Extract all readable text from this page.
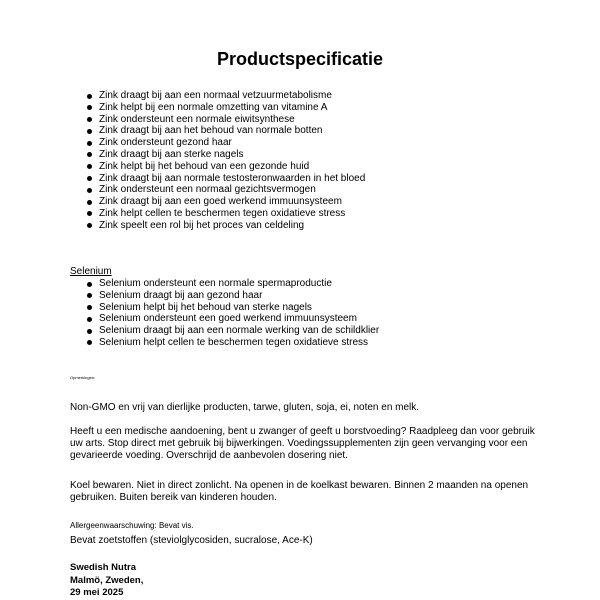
Productspecificatie
Zink draagt bij aan een normaal vetzuurmetabolisme
Zink helpt bij een normale omzetting van vitamine A
Zink ondersteunt een normale eiwitsynthese
Zink draagt bij aan het behoud van normale botten
Zink ondersteunt gezond haar
Zink draagt bij aan sterke nagels
Zink helpt bij het behoud van een gezonde huid
Zink draagt bij aan normale testosteronwaarden in het bloed
Zink ondersteunt een normaal gezichtsvermogen
Zink draagt bij aan een goed werkend immuunsysteem
Zink helpt cellen te beschermen tegen oxidatieve stress
Zink speelt een rol bij het proces van celdeling
Selenium
Selenium ondersteunt een normale spermaproductie
Selenium draagt bij aan gezond haar
Selenium helpt bij het behoud van sterke nagels
Selenium ondersteunt een goed werkend immuunsysteem
Selenium draagt bij aan een normale werking van de schildklier
Selenium helpt cellen te beschermen tegen oxidatieve stress
Opmerkingen:

Non-GMO en vrij van dierlijke producten, tarwe, gluten, soja, ei, noten en melk.

Heeft u een medische aandoening, bent u zwanger of geeft u borstvoeding? Raadpleeg dan voor gebruik uw arts. Stop direct met gebruik bij bijwerkingen. Voedingssupplementen zijn geen vervanging voor een gevarieerde voeding. Overschrijd de aanbevolen dosering niet.

Koel bewaren. Niet in direct zonlicht. Na openen in de koelkast bewaren. Binnen 2 maanden na openen gebruiken. Buiten bereik van kinderen houden.

Allergeenwaarschuwing: Bevat vis.
Bevat zoetstoffen (steviolglycosiden, sucralose, Ace-K)
Swedish Nutra
Malmö, Zweden,
29 mei 2025
